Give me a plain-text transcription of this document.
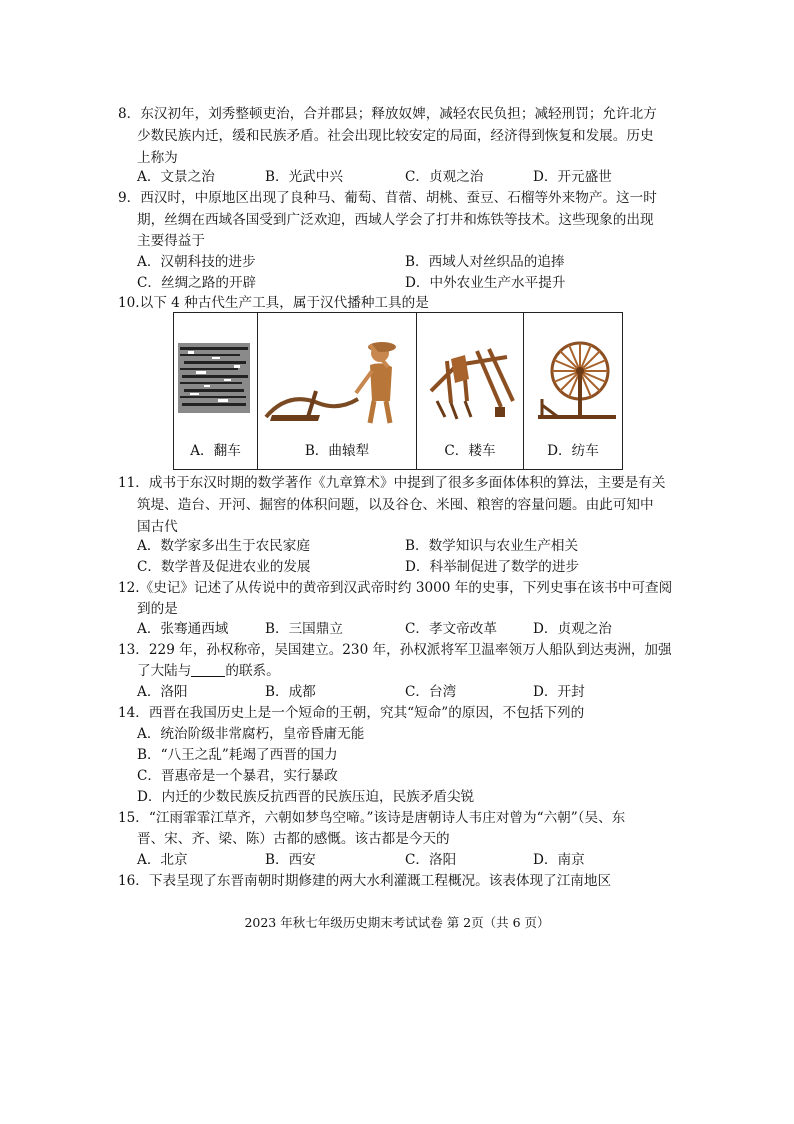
8．东汉初年，刘秀整顿吏治，合并郡县；释放奴婢，减轻农民负担；减轻刑罚；允许北方
少数民族内迁，缓和民族矛盾。社会出现比较安定的局面，经济得到恢复和发展。历史
上称为
A．文景之治	B．光武中兴	C．贞观之治	D．开元盛世
9．西汉时，中原地区出现了良种马、葡萄、苜蓿、胡桃、蚕豆、石榴等外来物产。这一时
期，丝绸在西域各国受到广泛欢迎，西域人学会了打井和炼铁等技术。这些现象的出现
主要得益于
A．汉朝科技的进步	B．西域人对丝织品的追捧
C．丝绸之路的开辟	D．中外农业生产水平提升
10.以下 4 种古代生产工具，属于汉代播种工具的是
A．翻车	B．曲辕犁	C．耧车	D．纺车
11．成书于东汉时期的数学著作《九章算术》中提到了很多多面体体积的算法，主要是有关
筑堤、造台、开河、掘窖的体积问题，以及谷仓、米囤、粮窖的容量问题。由此可知中
国古代
A．数学家多出生于农民家庭	B．数学知识与农业生产相关
C．数学普及促进农业的发展	D．科举制促进了数学的进步
12.《史记》记述了从传说中的黄帝到汉武帝时约 3000 年的史事，下列史事在该书中可查阅
到的是
A．张骞通西域	B．三国鼎立	C．孝文帝改革	D．贞观之治
13．229 年，孙权称帝，吴国建立。230 年，孙权派将军卫温率领万人船队到达夷洲，加强
了大陆与	的联系。
A．洛阳	B．成都	C．台湾	D．开封
14．西晋在我国历史上是一个短命的王朝，究其“短命”的原因，不包括下列的
A．统治阶级非常腐朽，皇帝昏庸无能
B．“八王之乱”耗竭了西晋的国力
C．晋惠帝是一个暴君，实行暴政
D．内迁的少数民族反抗西晋的民族压迫，民族矛盾尖锐
15．“江雨霏霏江草齐，六朝如梦鸟空啼。”该诗是唐朝诗人韦庄对曾为“六朝”（吴、东
晋、宋、齐、梁、陈）古都的感慨。该古都是今天的
A．北京	B．西安	C．洛阳	D．南京
16．下表呈现了东晋南朝时期修建的两大水利灌溉工程概况。该表体现了江南地区
2023 年秋七年级历史期末考试试卷 第 2页（共 6 页）
